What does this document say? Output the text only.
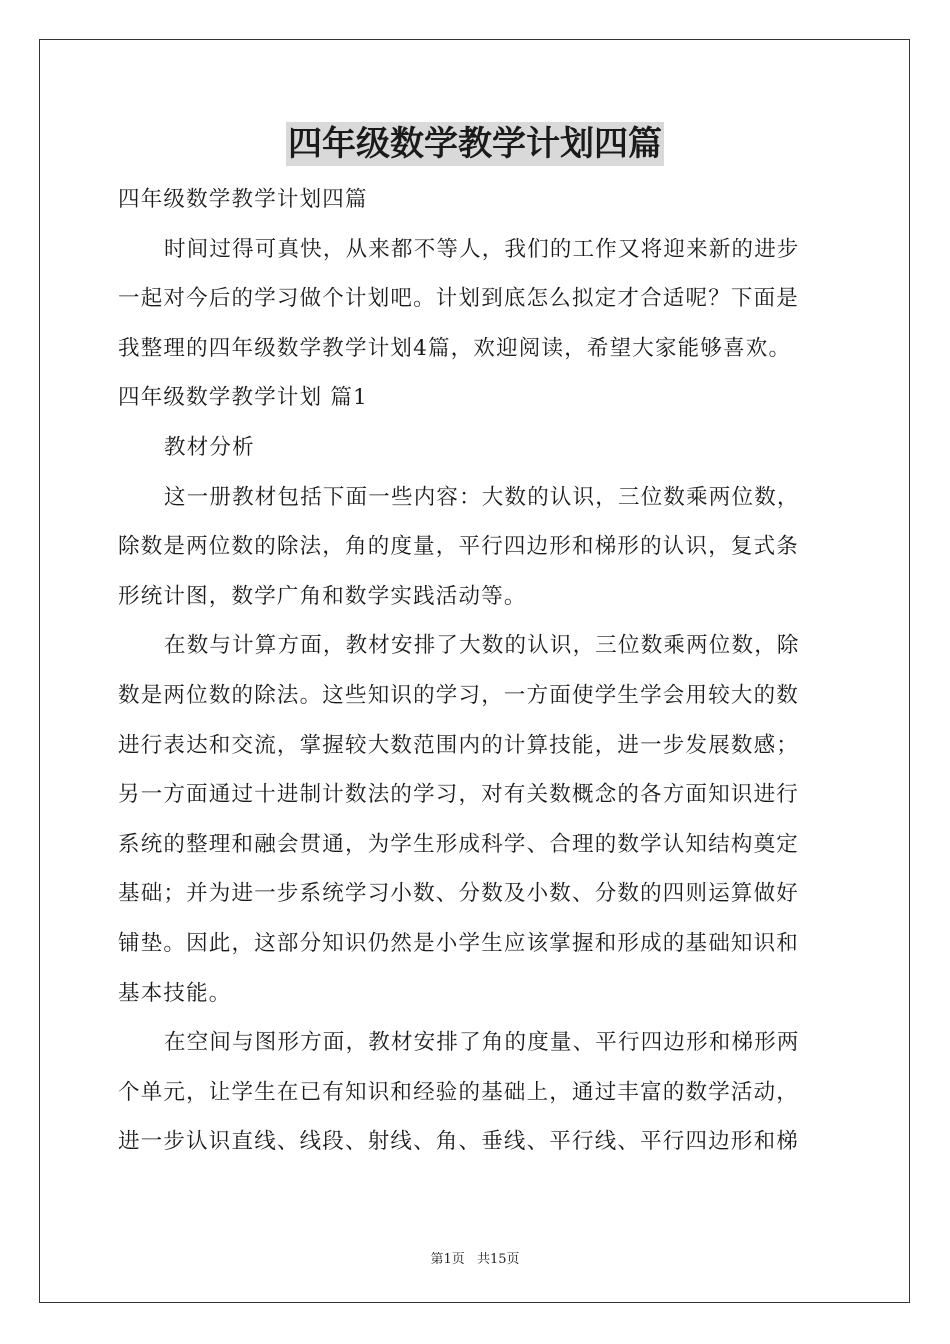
四年级数学教学计划四篇
四年级数学教学计划四篇
时间过得可真快，从来都不等人，我们的工作又将迎来新的进步
一起对今后的学习做个计划吧。计划到底怎么拟定才合适呢？下面是
我整理的四年级数学教学计划4篇，欢迎阅读，希望大家能够喜欢。
四年级数学教学计划 篇1
教材分析
这一册教材包括下面一些内容：大数的认识，三位数乘两位数，
除数是两位数的除法，角的度量，平行四边形和梯形的认识，复式条
形统计图，数学广角和数学实践活动等。
在数与计算方面，教材安排了大数的认识，三位数乘两位数，除
数是两位数的除法。这些知识的学习，一方面使学生学会用较大的数
进行表达和交流，掌握较大数范围内的计算技能，进一步发展数感；
另一方面通过十进制计数法的学习，对有关数概念的各方面知识进行
系统的整理和融会贯通，为学生形成科学、合理的数学认知结构奠定
基础；并为进一步系统学习小数、分数及小数、分数的四则运算做好
铺垫。因此，这部分知识仍然是小学生应该掌握和形成的基础知识和
基本技能。
在空间与图形方面，教材安排了角的度量、平行四边形和梯形两
个单元，让学生在已有知识和经验的基础上，通过丰富的数学活动，
进一步认识直线、线段、射线、角、垂线、平行线、平行四边形和梯
第1页 共15页
